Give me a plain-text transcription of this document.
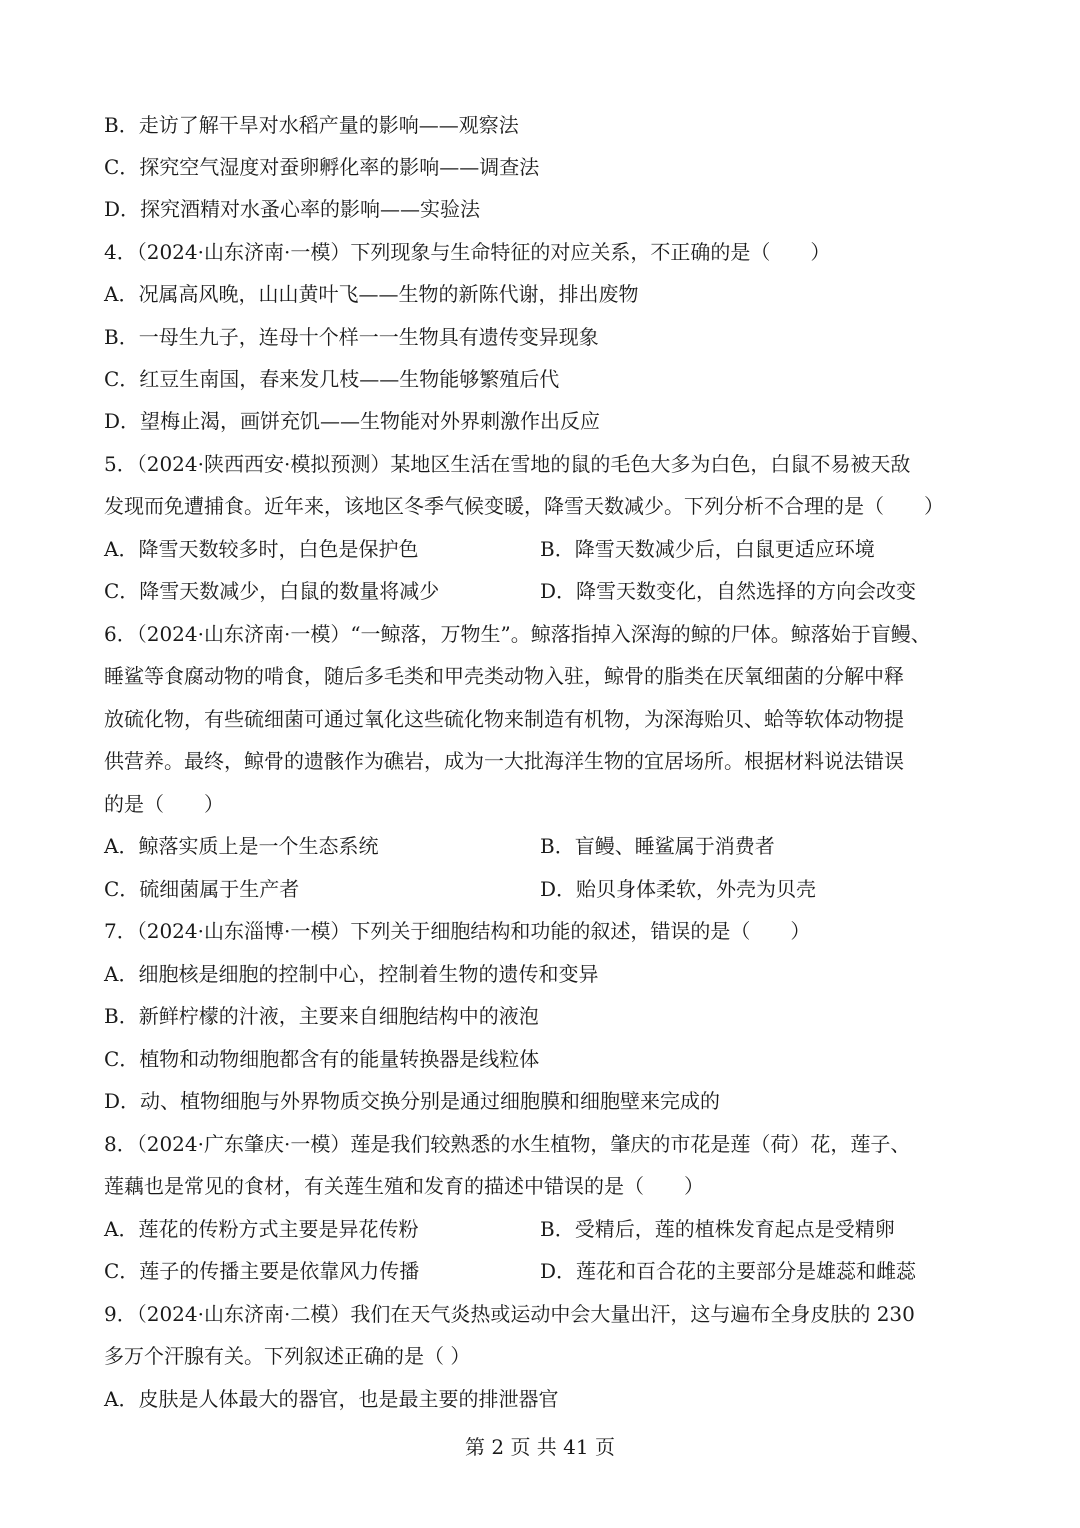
B．走访了解干旱对水稻产量的影响——观察法
C．探究空气湿度对蚕卵孵化率的影响——调查法
D．探究酒精对水蚤心率的影响——实验法
4．（2024·山东济南·一模）下列现象与生命特征的对应关系，不正确的是（　　）
A．况属高风晚，山山黄叶飞——生物的新陈代谢，排出废物
B．一母生九子，连母十个样一一生物具有遗传变异现象
C．红豆生南国，春来发几枝——生物能够繁殖后代
D．望梅止渴，画饼充饥——生物能对外界刺激作出反应
5．（2024·陕西西安·模拟预测）某地区生活在雪地的鼠的毛色大多为白色，白鼠不易被天敌
发现而免遭捕食。近年来，该地区冬季气候变暖，降雪天数减少。下列分析不合理的是（　　）
A．降雪天数较多时，白色是保护色	B．降雪天数减少后，白鼠更适应环境
C．降雪天数减少，白鼠的数量将减少	D．降雪天数变化，自然选择的方向会改变
6．（2024·山东济南·一模）“一鲸落，万物生”。鲸落指掉入深海的鲸的尸体。鲸落始于盲鳗、
睡鲨等食腐动物的啃食，随后多毛类和甲壳类动物入驻，鲸骨的脂类在厌氧细菌的分解中释
放硫化物，有些硫细菌可通过氧化这些硫化物来制造有机物，为深海贻贝、蛤等软体动物提
供营养。最终，鲸骨的遗骸作为礁岩，成为一大批海洋生物的宜居场所。根据材料说法错误
的是（　　）
A．鲸落实质上是一个生态系统	B．盲鳗、睡鲨属于消费者
C．硫细菌属于生产者	D．贻贝身体柔软，外壳为贝壳
7．（2024·山东淄博·一模）下列关于细胞结构和功能的叙述，错误的是（　　）
A．细胞核是细胞的控制中心，控制着生物的遗传和变异
B．新鲜柠檬的汁液，主要来自细胞结构中的液泡
C．植物和动物细胞都含有的能量转换器是线粒体
D．动、植物细胞与外界物质交换分别是通过细胞膜和细胞壁来完成的
8．（2024·广东肇庆·一模）莲是我们较熟悉的水生植物，肇庆的市花是莲（荷）花，莲子、
莲藕也是常见的食材，有关莲生殖和发育的描述中错误的是（　　）
A．莲花的传粉方式主要是异花传粉	B．受精后，莲的植株发育起点是受精卵
C．莲子的传播主要是依靠风力传播	D．莲花和百合花的主要部分是雄蕊和雌蕊
9．（2024·山东济南·二模）我们在天气炎热或运动中会大量出汗，这与遍布全身皮肤的 230
多万个汗腺有关。下列叙述正确的是（ ）
A．皮肤是人体最大的器官，也是最主要的排泄器官
第 2 页 共 41 页
